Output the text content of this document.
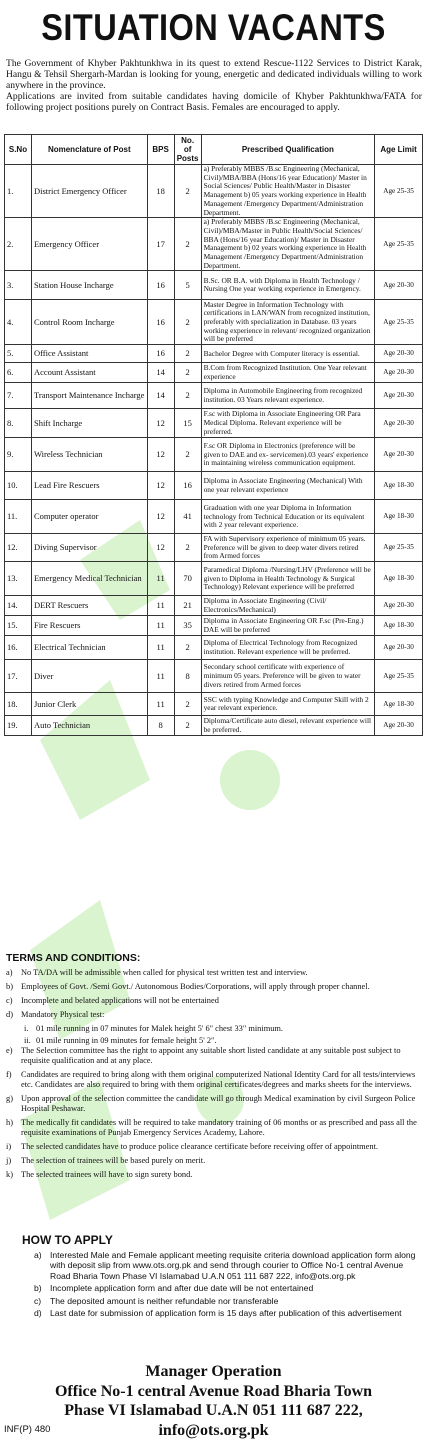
SITUATION VACANTS

The Government of Khyber Pakhtunkhwa in its quest to extend Rescue-1122 Services to District Karak, Hangu & Tehsil Shergarh-Mardan is looking for young, energetic and dedicated individuals willing to work anywhere in the province.

Applications are invited from suitable candidates having domicile of Khyber Pakhtunkhwa/FATA for following project positions purely on Contract Basis. Females are encouraged to apply.

S.No	Nomenclature of Post	BPS	No. of Posts	Prescribed Qualification	Age Limit
1.	District Emergency Officer	18	2	a) Preferably MBBS /B.sc Engineering (Mechanical, Civil)/MBA/BBA (Hons/16 year Education)/ Master in Social Sciences/ Public Health/Master in Disaster Management b) 05 years working experience in Health Management /Emergency Department/Administration Department.	Age 25-35
2.	Emergency Officer	17	2	a) Preferably MBBS /B.sc Engineering (Mechanical, Civil)/MBA/Master in Public Health/Social Sciences/ BBA (Hons/16 year Education)/ Master in Disaster Management b) 02 years working experience in Health Management /Emergency Department/Administration Department.	Age 25-35
3.	Station House Incharge	16	5	B.Sc. OR B.A. with Diploma in Health Technology / Nursing One year working experience in Emergency.	Age 20-30
4.	Control Room Incharge	16	2	Master Degree in Information Technology with certifications in LAN/WAN from recognized institution, preferably with specialization in Database. 03 years working experience in relevant/ recognized organization will be preferred	Age 25-35
5.	Office Assistant	16	2	Bachelor Degree with Computer literacy is essential.	Age 20-30
6.	Account Assistant	14	2	B.Com from Recognized Institution. One Year relevant experience	Age 20-30
7.	Transport Maintenance Incharge	14	2	Diploma in Automobile Engineering from recognized institution. 03 Years relevant experience.	Age 20-30
8.	Shift Incharge	12	15	F.sc with Diploma in Associate Engineering OR Para Medical Diploma. Relevant experience will be preferred.	Age 20-30
9.	Wireless Technician	12	2	F.sc OR Diploma in Electronics (preference will be given to DAE and ex- servicemen).03 years' experience in maintaining wireless communication equipment.	Age 20-30
10.	Lead Fire Rescuers	12	16	Diploma in Associate Engineering (Mechanical) With one year relevant experience	Age 18-30
11.	Computer operator	12	41	Graduation with one year Diploma in Information technology from Technical Education or its equivalent with 2 year relevant experience.	Age 18-30
12.	Diving Supervisor	12	2	FA with Supervisory experience of minimum 05 years. Preference will be given to deep water divers retired from Armed forces	Age 25-35
13.	Emergency Medical Technician	11	70	Paramedical Diploma /Nursing/LHV (Preference will be given to Diploma in Health Technology & Surgical Technology) Relevant experience will be preferred	Age 18-30
14.	DERT Rescuers	11	21	Diploma in Associate Engineering (Civil/ Electronics/Mechanical)	Age 20-30
15.	Fire Rescuers	11	35	Diploma in Associate Engineering OR F.sc (Pre-Eng.) DAE will be preferred	Age 18-30
16.	Electrical Technician	11	2	Diploma of Electrical Technology from Recognized institution. Relevant experience will be preferred.	Age 20-30
17.	Diver	11	8	Secondary school certificate with experience of minimum 05 years. Preference will be given to water divers retired from Armed forces	Age 25-35
18.	Junior Clerk	11	2	SSC with typing Knowledge and Computer Skill with 2 year relevant experience.	Age 18-30
19.	Auto Technician	8	2	Diploma/Certificate auto diesel, relevant experience will be preferred.	Age 20-30
TERMS AND CONDITIONS:
a) No TA/DA will be admissible when called for physical test written test and interview.
b) Employees of Govt. /Semi Govt./ Autonomous Bodies/Corporations, will apply through proper channel.
c) Incomplete and belated applications will not be entertained
d) Mandatory Physical test:
i. 01 mile running in 07 minutes for Malek height 5' 6" chest 33" minimum.
ii. 01 mile running in 09 minutes for female height 5' 2".
e) The Selection committee has the right to appoint any suitable short listed candidate at any suitable post subject to requisite qualification and at any place.
f) Candidates are required to bring along with them original computerized National Identity Card for all tests/interviews etc. Candidates are also required to bring with them original certificates/degrees and marks sheets for the interviews.
g) Upon approval of the selection committee the candidate will go through Medical examination by civil Surgeon Police Hospital Peshawar.
h) The medically fit candidates will be required to take mandatory training of 06 months or as prescribed and pass all the requisite examinations of Punjab Emergency Services Academy, Lahore.
i) The selected candidates have to produce police clearance certificate before receiving offer of appointment.
j) The selection of trainees will be based purely on merit.
k) The selected trainees will have to sign surety bond.
HOW TO APPLY
a) Interested Male and Female applicant meeting requisite criteria download application form along with deposit slip from www.ots.org.pk and send through courier to Office No-1 central Avenue Road Bharia Town Phase VI Islamabad U.A.N 051 111 687 222, info@ots.org.pk
b) Incomplete application form and after due date will be not entertained
c) The deposited amount is neither refundable nor transferable
d) Last date for submission of application form is 15 days after publication of this advertisement
Manager Operation
Office No-1 central Avenue Road Bharia Town
Phase VI Islamabad U.A.N 051 111 687 222,
info@ots.org.pk
INF(P) 480
